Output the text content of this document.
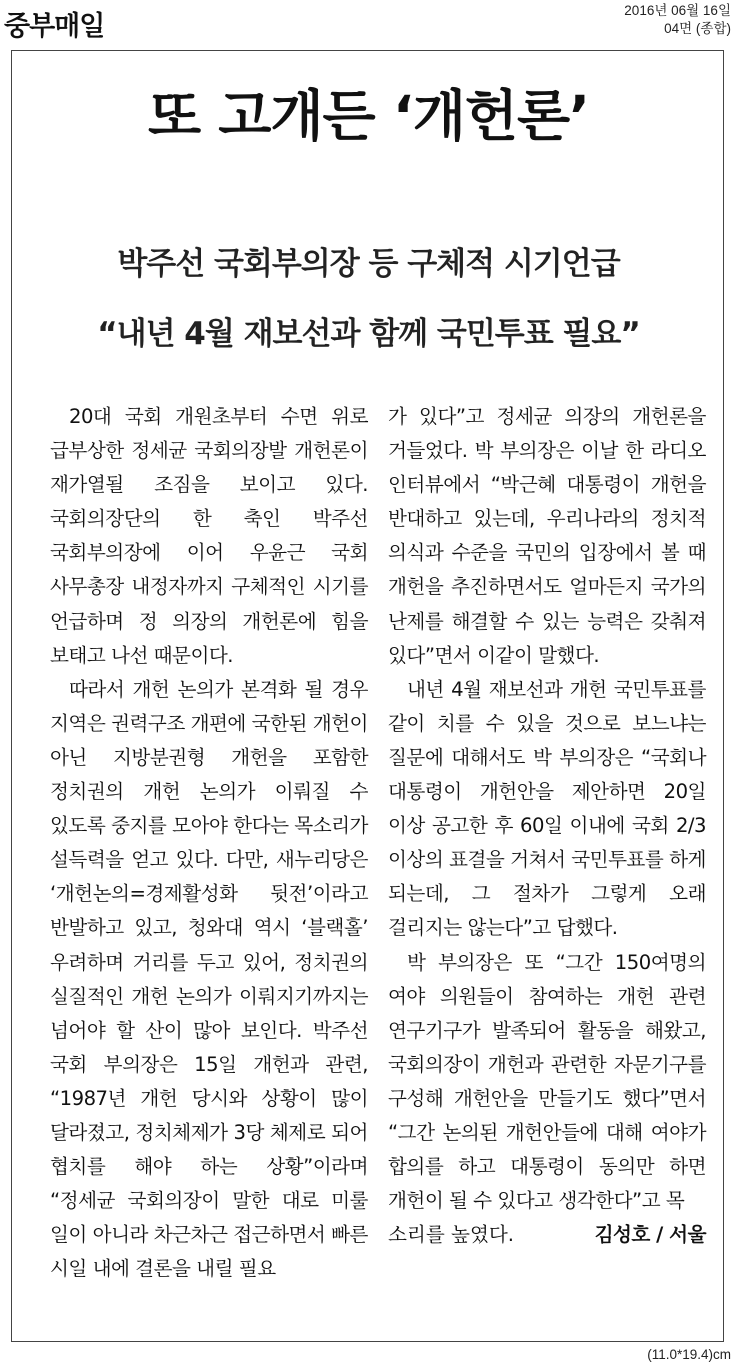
중부매일
2016년 06월 16일
04면 (종합)
또 고개든 ‘개헌론’
박주선 국회부의장 등 구체적 시기언급
“내년 4월 재보선과 함께 국민투표 필요”

20대 국회 개원초부터 수면 위로 급부상한 정세균 국회의장발 개헌론이 재가열될 조짐을 보이고 있다. 국회의장단의 한 축인 박주선 국회부의장에 이어 우윤근 국회 사무총장 내정자까지 구체적인 시기를 언급하며 정 의장의 개헌론에 힘을 보태고 나선 때문이다.

따라서 개헌 논의가 본격화 될 경우 지역은 권력구조 개편에 국한된 개헌이 아닌 지방분권형 개헌을 포함한 정치권의 개헌 논의가 이뤄질 수 있도록 중지를 모아야 한다는 목소리가 설득력을 얻고 있다. 다만, 새누리당은 ‘개헌논의=경제활성화 뒷전’이라고 반발하고 있고, 청와대 역시 ‘블랙홀’ 우려하며 거리를 두고 있어, 정치권의 실질적인 개헌 논의가 이뤄지기까지는 넘어야 할 산이 많아 보인다. 박주선 국회 부의장은 15일 개헌과 관련, “1987년 개헌 당시와 상황이 많이 달라졌고, 정치체제가 3당 체제로 되어 협치를 해야 하는 상황”이라며 “정세균 국회의장이 말한 대로 미룰 일이 아니라 차근차근 접근하면서 빠른 시일 내에 결론을 내릴 필요

가 있다”고 정세균 의장의 개헌론을 거들었다. 박 부의장은 이날 한 라디오 인터뷰에서 “박근혜 대통령이 개헌을 반대하고 있는데, 우리나라의 정치적 의식과 수준을 국민의 입장에서 볼 때 개헌을 추진하면서도 얼마든지 국가의 난제를 해결할 수 있는 능력은 갖춰져 있다”면서 이같이 말했다.

내년 4월 재보선과 개헌 국민투표를 같이 치를 수 있을 것으로 보느냐는 질문에 대해서도 박 부의장은 “국회나 대통령이 개헌안을 제안하면 20일 이상 공고한 후 60일 이내에 국회 2/3 이상의 표결을 거쳐서 국민투표를 하게 되는데, 그 절차가 그렇게 오래 걸리지는 않는다”고 답했다.

박 부의장은 또 “그간 150여명의 여야 의원들이 참여하는 개헌 관련 연구기구가 발족되어 활동을 해왔고, 국회의장이 개헌과 관련한 자문기구를 구성해 개헌안을 만들기도 했다”면서 “그간 논의된 개헌안들에 대해 여야가 합의를 하고 대통령이 동의만 하면 개헌이 될 수 있다고 생각한다”고 목

소리를 높였다.	김성호 / 서울
(11.0*19.4)cm
